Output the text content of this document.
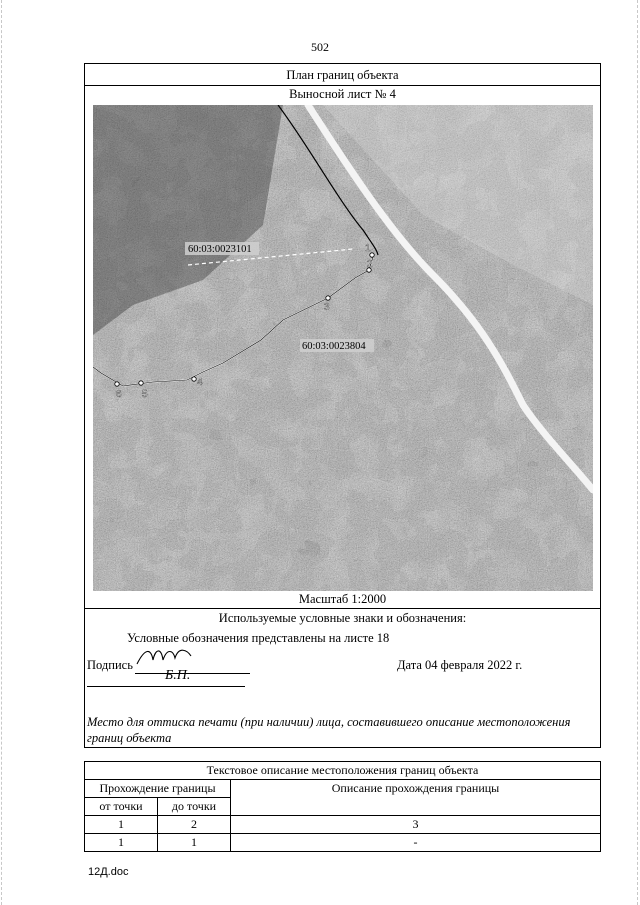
502
План границ объекта
Выносной лист № 4
60:03:0023101
60:03:0023804
1
2
3
4
5
6
Масштаб 1:2000
Используемые условные знаки и обозначения:
Условные обозначения представлены на листе 18
Подпись	Дата 04 февраля 2022 г.
Б.П.
Место для оттиска печати (при наличии) лица, составившего описание местоположения границ объекта
Текстовое описание местоположения границ объекта		
Прохождение границы		Описание прохождения границы
от точки	до точки	
1	2	3
1	1	-
12Д.doc
